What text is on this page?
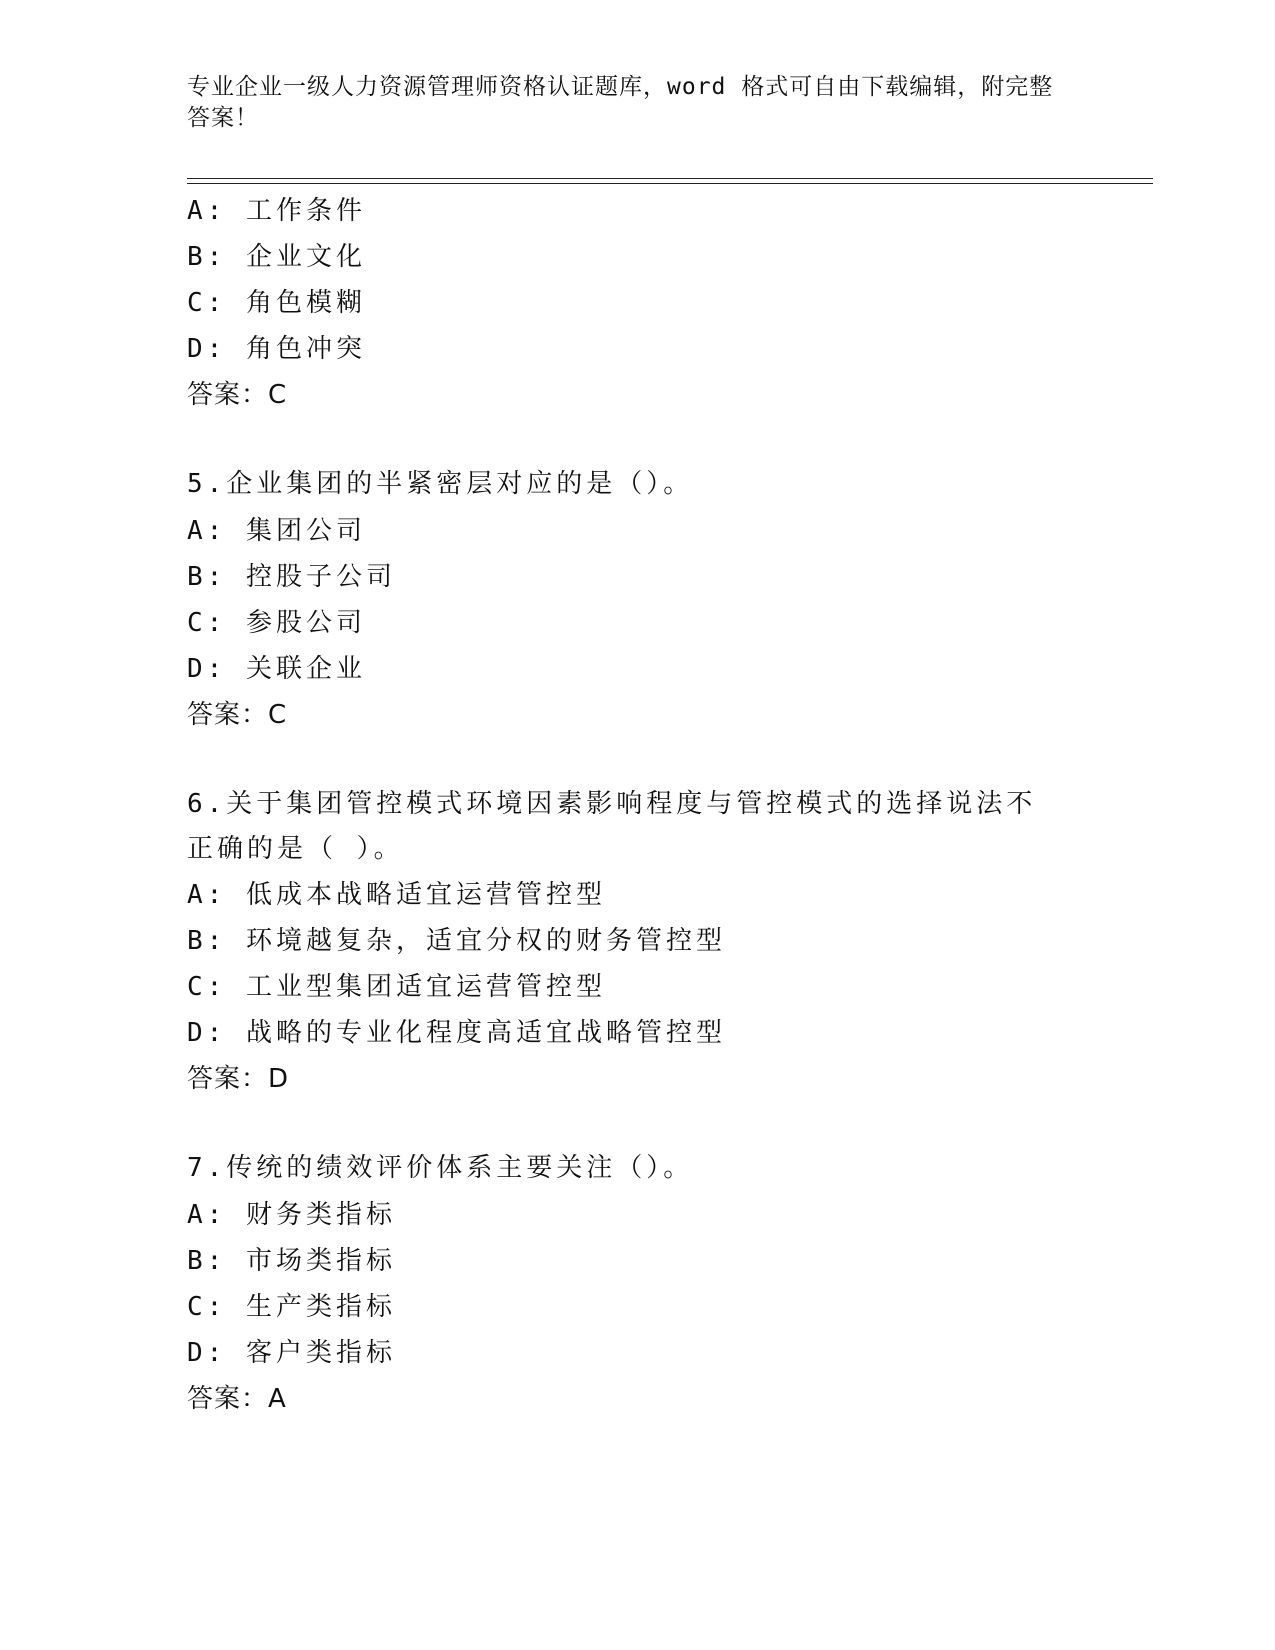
专业企业一级人力资源管理师资格认证题库，word 格式可自由下载编辑，附完整答案！
A: 工作条件
B: 企业文化
C: 角色模糊
D: 角色冲突
答案：C
5.企业集团的半紧密层对应的是（）。
A: 集团公司
B: 控股子公司
C: 参股公司
D: 关联企业
答案：C
6.关于集团管控模式环境因素影响程度与管控模式的选择说法不正确的是（ ）。
A: 低成本战略适宜运营管控型
B: 环境越复杂，适宜分权的财务管控型
C: 工业型集团适宜运营管控型
D: 战略的专业化程度高适宜战略管控型
答案：D
7.传统的绩效评价体系主要关注（）。
A: 财务类指标
B: 市场类指标
C: 生产类指标
D: 客户类指标
答案：A
